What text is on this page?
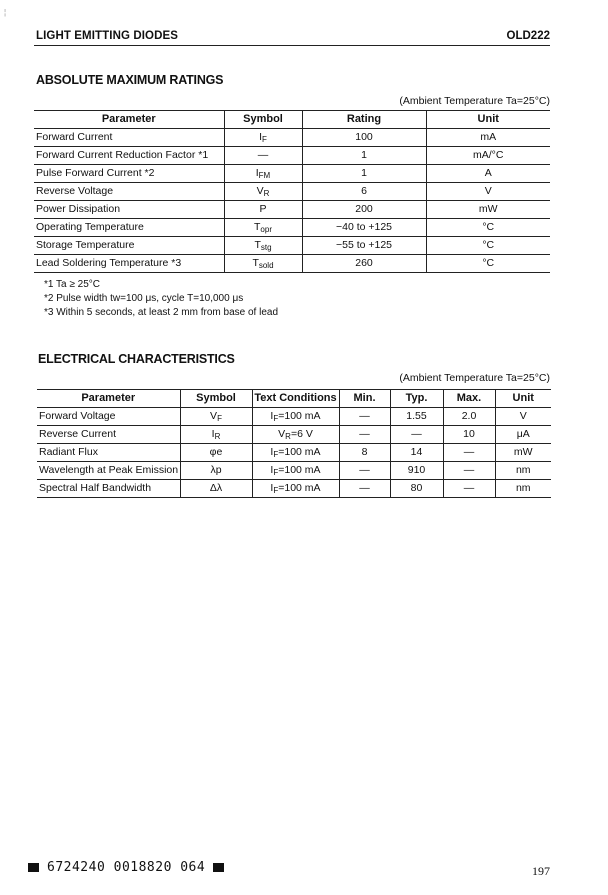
¦
LIGHT EMITTING DIODES	OLD222
ABSOLUTE MAXIMUM RATINGS
(Ambient Temperature Ta=25°C)
Parameter	Symbol	Rating	Unit
Forward Current	$I_F$	100	mA
Forward Current Reduction Factor *1	—	1	mA/°C
Pulse Forward Current *2	$I_{FM}$	1	A
Reverse Voltage	$V_R$	6	V
Power Dissipation	P	200	mW
Operating Temperature	$T_{opr}$	−40 to +125	°C
Storage Temperature	$T_{stg}$	−55 to +125	°C
Lead Soldering Temperature *3	$T_{sold}$	260	°C
*1 Ta ≥ 25°C
*2 Pulse width tw=100 μs, cycle T=10,000 μs
*3 Within 5 seconds, at least 2 mm from base of lead
ELECTRICAL CHARACTERISTICS
(Ambient Temperature Ta=25°C)
Parameter	Symbol	Text Conditions	Min.	Typ.	Max.	Unit
Forward Voltage	$V_F$	$I_F=100$ mA	—	1.55	2.0	V
Reverse Current	$I_R$	$V_R=6$ V	—	—	10	μA
Radiant Flux	φe	$I_F=100$ mA	8	14	—	mW
Wavelength at Peak Emission	λp	$I_F=100$ mA	—	910	—	nm
Spectral Half Bandwidth	Δλ	$I_F=100$ mA	—	80	—	nm
6724240 0018820 064	197
